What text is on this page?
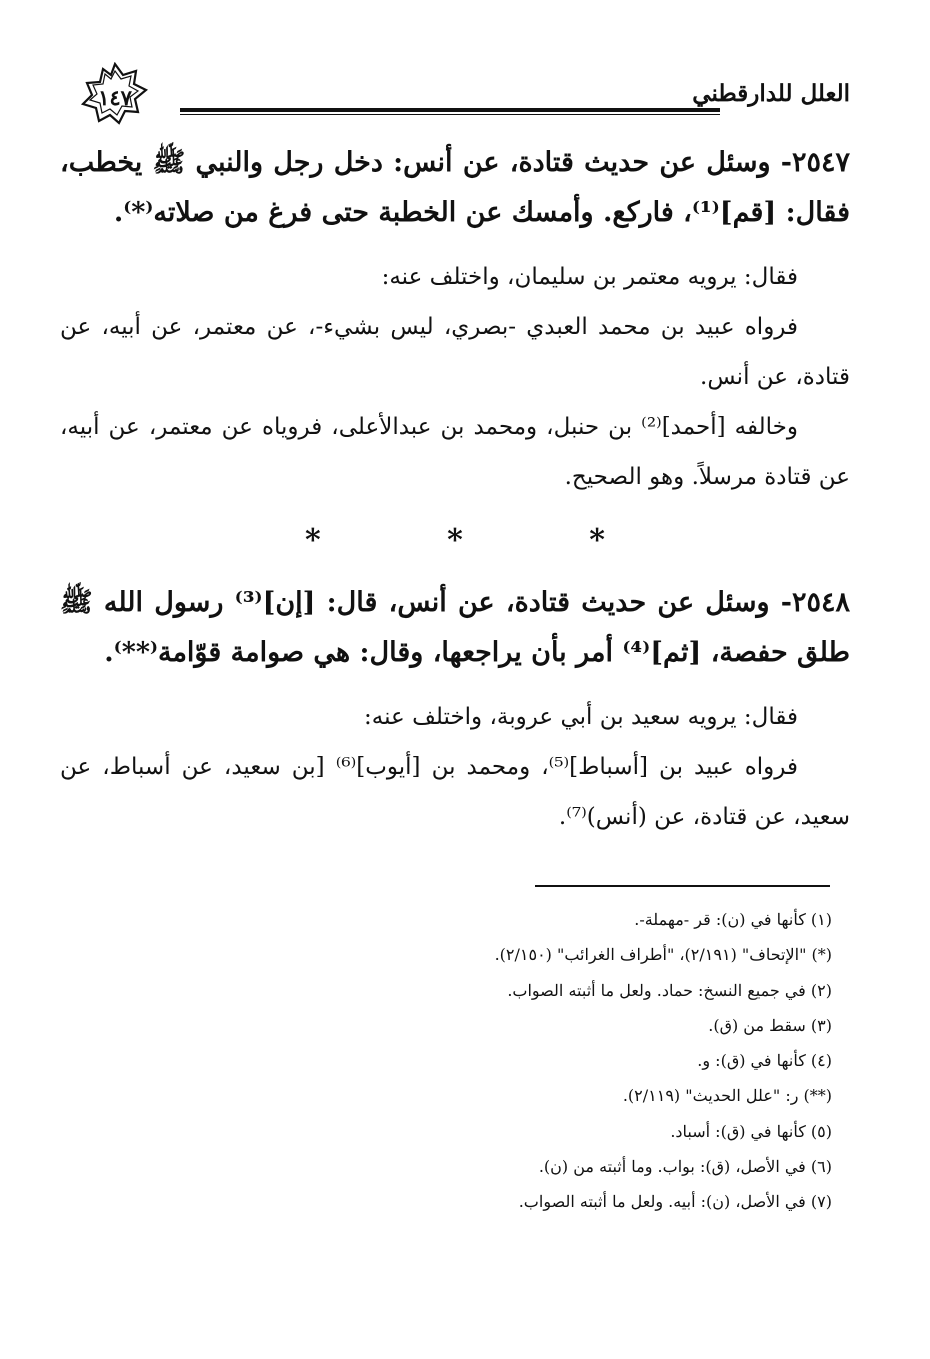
العلل للدارقطني
١٤٧

٢٥٤٧- وسئل عن حديث قتادة، عن أنس: دخل رجل والنبي ﷺ يخطب، فقال: [قم]⁽¹⁾، فاركع. وأمسك عن الخطبة حتى فرغ من صلاته⁽*⁾.

فقال: يرويه معتمر بن سليمان، واختلف عنه:

فرواه عبيد بن محمد العبدي -بصري، ليس بشيء-، عن معتمر، عن أبيه، عن قتادة، عن أنس.

وخالفه [أحمد]⁽²⁾ بن حنبل، ومحمد بن عبدالأعلى، فروياه عن معتمر، عن أبيه، عن قتادة مرسلاً. وهو الصحيح.

* * *

٢٥٤٨- وسئل عن حديث قتادة، عن أنس، قال: [إن]⁽³⁾ رسول الله ﷺ طلق حفصة، [ثم]⁽⁴⁾ أمر بأن يراجعها، وقال: هي صوامة قوّامة⁽**⁾.

فقال: يرويه سعيد بن أبي عروبة، واختلف عنه:

فرواه عبيد بن [أسباط]⁽⁵⁾، ومحمد بن [أيوب]⁽⁶⁾ [بن سعيد، عن أسباط، عن سعيد، عن قتادة، عن (أنس)⁽⁷⁾.

(١) كأنها في (ن): قر -مهملة-.

(*) "الإتحاف" (٢/١٩١)، "أطراف الغرائب" (٢/١٥٠).

(٢) في جميع النسخ: حماد. ولعل ما أثبته الصواب.

(٣) سقط من (ق).

(٤) كأنها في (ق): و.

(**) ر: "علل الحديث" (٢/١١٩).

(٥) كأنها في (ق): أسباد.

(٦) في الأصل، (ق): بواب. وما أثبته من (ن).

(٧) في الأصل، (ن): أبيه. ولعل ما أثبته الصواب.
